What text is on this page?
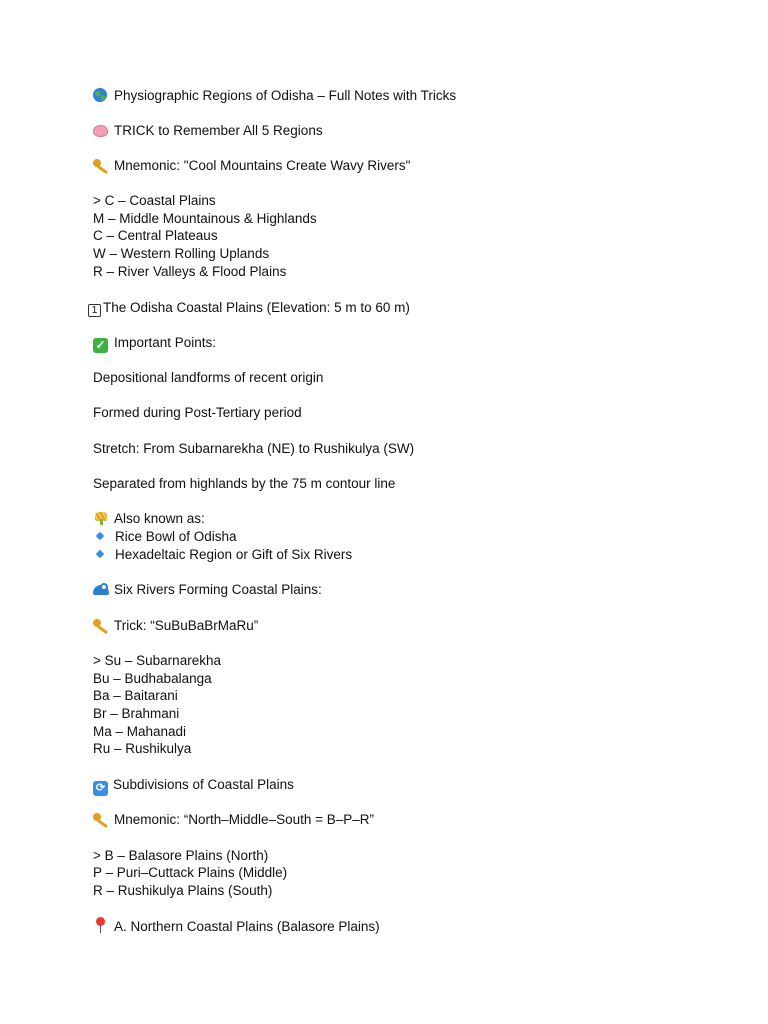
Physiographic Regions of Odisha – Full Notes with Tricks
TRICK to Remember All 5 Regions
Mnemonic: "Cool Mountains Create Wavy Rivers"
> C – Coastal Plains
M – Middle Mountainous & Highlands
C – Central Plateaus
W – Western Rolling Uplands
R – River Valleys & Flood Plains
1 The Odisha Coastal Plains (Elevation: 5 m to 60 m)
✓ Important Points:
Depositional landforms of recent origin
Formed during Post-Tertiary period
Stretch: From Subarnarekha (NE) to Rushikulya (SW)
Separated from highlands by the 75 m contour line
Also known as:
Rice Bowl of Odisha
Hexadeltaic Region or Gift of Six Rivers
Six Rivers Forming Coastal Plains:
Trick: “SuBuBaBrMaRu”
> Su – Subarnarekha
Bu – Budhabalanga
Ba – Baitarani
Br – Brahmani
Ma – Mahanadi
Ru – Rushikulya
⟳ Subdivisions of Coastal Plains
Mnemonic: “North–Middle–South = B–P–R”
> B – Balasore Plains (North)
P – Puri–Cuttack Plains (Middle)
R – Rushikulya Plains (South)
A. Northern Coastal Plains (Balasore Plains)
